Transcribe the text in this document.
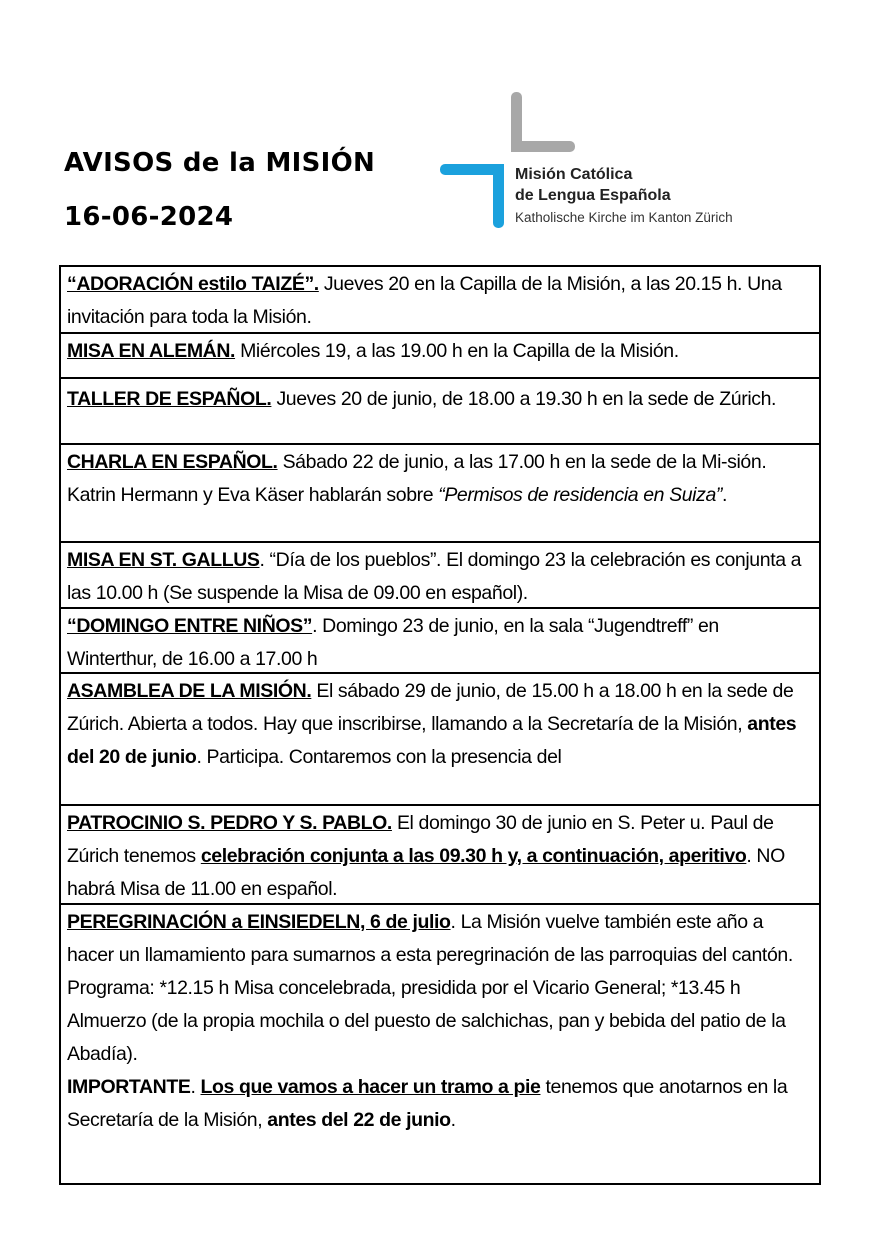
AVISOS de la MISIÓN
16-06-2024
Misión Católica
de Lengua Española
Katholische Kirche im Kanton Zürich
“ADORACIÓN estilo TAIZÉ”. Jueves 20 en la Capilla de la Misión, a las 20.15 h. Una invitación para toda la Misión.
MISA EN ALEMÁN. Miércoles 19, a las 19.00 h en la Capilla de la Misión.
TALLER DE ESPAÑOL. Jueves 20 de junio, de 18.00 a 19.30 h en la sede de Zúrich.
CHARLA EN ESPAÑOL. Sábado 22 de junio, a las 17.00 h en la sede de la Mi-sión. Katrin Hermann y Eva Käser hablarán sobre “Permisos de residencia en Suiza”.
MISA EN ST. GALLUS. “Día de los pueblos”. El domingo 23 la celebración es conjunta a las 10.00 h (Se suspende la Misa de 09.00 en español).
“DOMINGO ENTRE NIÑOS”. Domingo 23 de junio, en la sala “Jugendtreff” en Winterthur, de 16.00 a 17.00 h
ASAMBLEA DE LA MISIÓN. El sábado 29 de junio, de 15.00 h a 18.00 h en la sede de Zúrich. Abierta a todos. Hay que inscribirse, llamando a la Secretaría de la Misión, antes del 20 de junio. Participa. Contaremos con la presencia del
PATROCINIO S. PEDRO Y S. PABLO. El domingo 30 de junio en S. Peter u. Paul de Zúrich tenemos celebración conjunta a las 09.30 h y, a continuación, aperitivo. NO habrá Misa de 11.00 en español.
PEREGRINACIÓN a EINSIEDELN, 6 de julio. La Misión vuelve también este año a hacer un llamamiento para sumarnos a esta peregrinación de las parroquias del cantón. Programa: *12.15 h Misa concelebrada, presidida por el Vicario General; *13.45 h Almuerzo (de la propia mochila o del puesto de salchichas, pan y bebida del patio de la Abadía).
IMPORTANTE. Los que vamos a hacer un tramo a pie tenemos que anotarnos en la Secretaría de la Misión, antes del 22 de junio.
